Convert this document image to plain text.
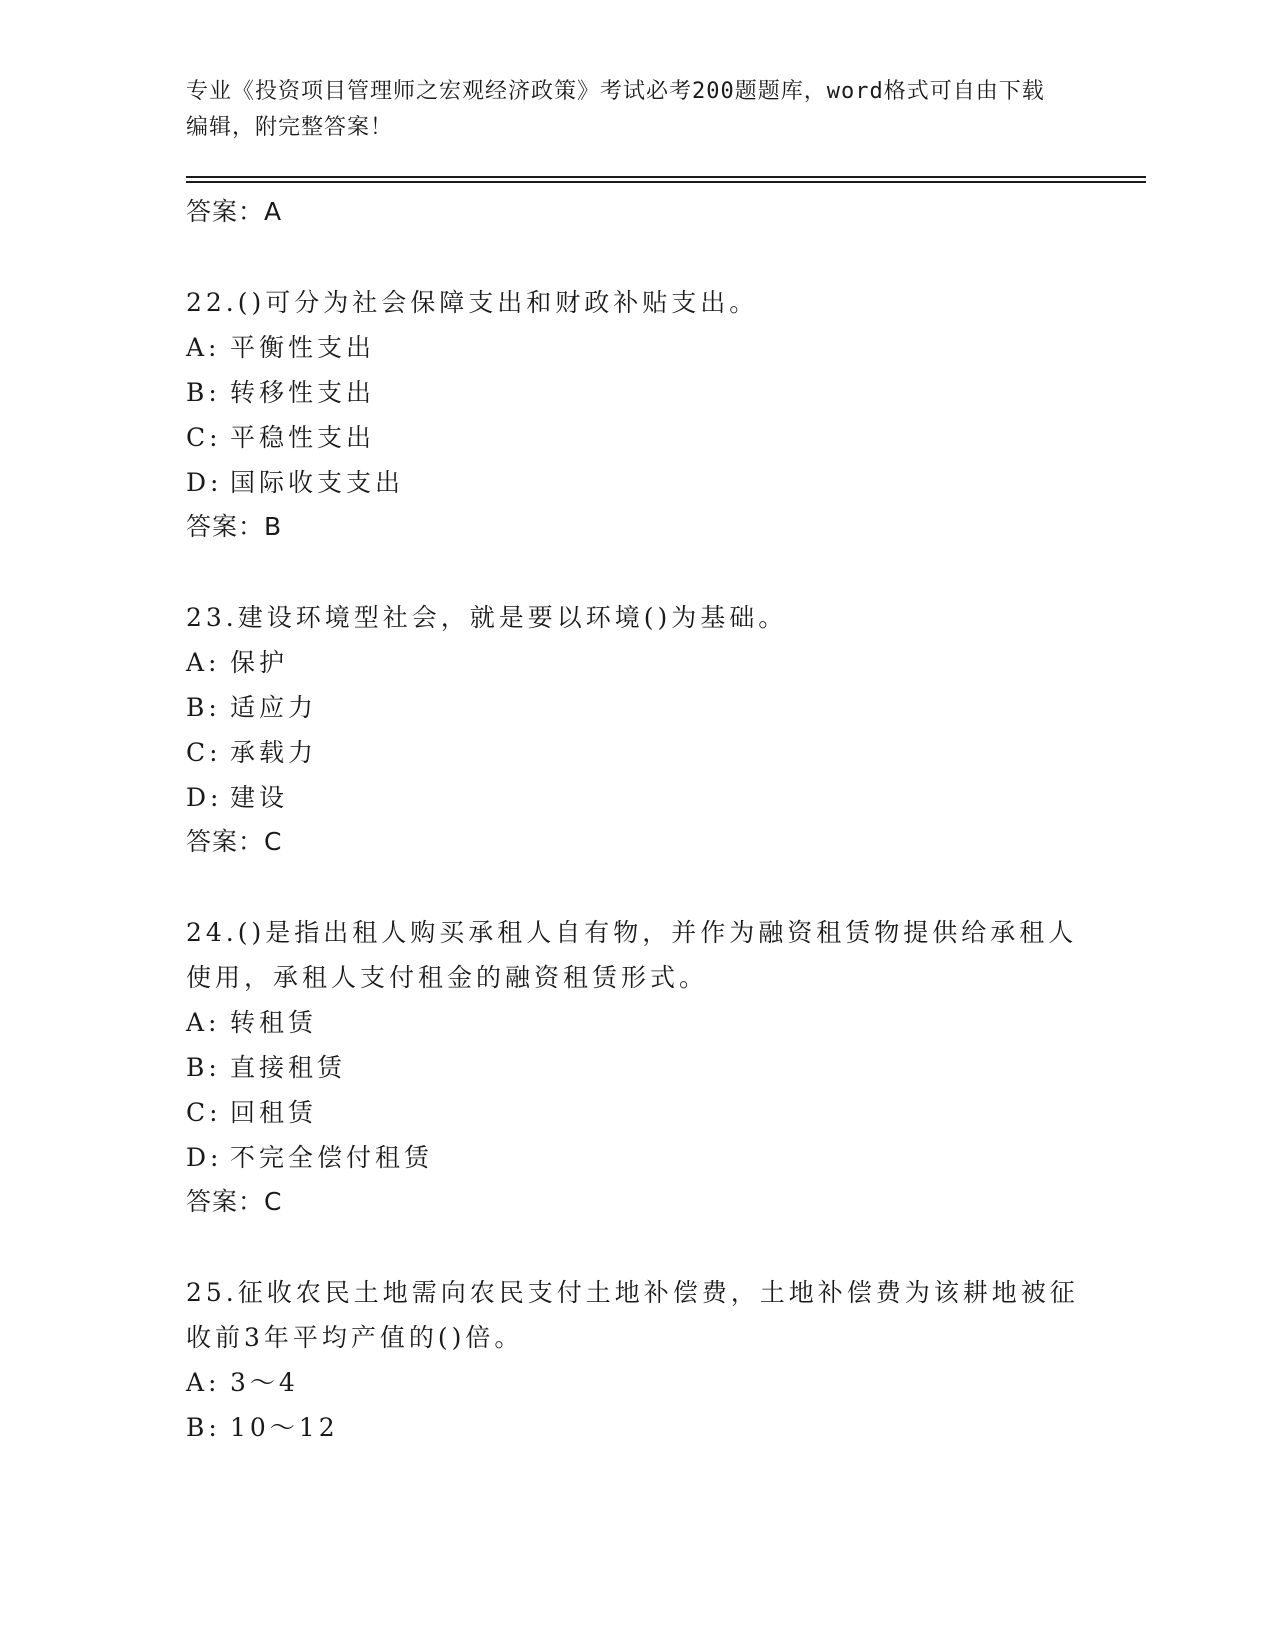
专业《投资项目管理师之宏观经济政策》考试必考200题题库，word格式可自由下载编辑，附完整答案！
答案：A
22.()可分为社会保障支出和财政补贴支出。
A: 平衡性支出
B: 转移性支出
C: 平稳性支出
D: 国际收支支出
答案：B
23.建设环境型社会，就是要以环境()为基础。
A: 保护
B: 适应力
C: 承载力
D: 建设
答案：C
24.()是指出租人购买承租人自有物，并作为融资租赁物提供给承租人使用，承租人支付租金的融资租赁形式。
A: 转租赁
B: 直接租赁
C: 回租赁
D: 不完全偿付租赁
答案：C
25.征收农民土地需向农民支付土地补偿费，土地补偿费为该耕地被征收前3年平均产值的()倍。
A: 3～4
B: 10～12
